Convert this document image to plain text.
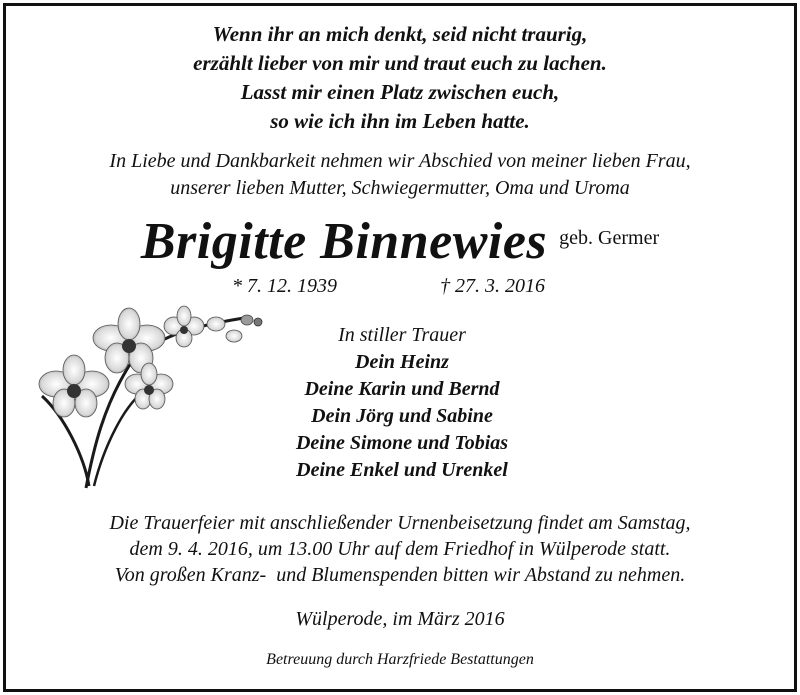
Wenn ihr an mich denkt, seid nicht traurig,
erzählt lieber von mir und traut euch zu lachen.
Lasst mir einen Platz zwischen euch,
so wie ich ihn im Leben hatte.
In Liebe und Dankbarkeit nehmen wir Abschied von meiner lieben Frau,
unserer lieben Mutter, Schwiegermutter, Oma und Uroma
Brigitte Binnewies geb. Germer
* 7. 12. 1939	† 27. 3. 2016
In stiller Trauer
Dein Heinz
Deine Karin und Bernd
Dein Jörg und Sabine
Deine Simone und Tobias
Deine Enkel und Urenkel
Die Trauerfeier mit anschließender Urnenbeisetzung findet am Samstag,
dem 9. 4. 2016, um 13.00 Uhr auf dem Friedhof in Wülperode statt.
Von großen Kranz-  und Blumenspenden bitten wir Abstand zu nehmen.
Wülperode, im März 2016
Betreuung durch Harzfriede Bestattungen
